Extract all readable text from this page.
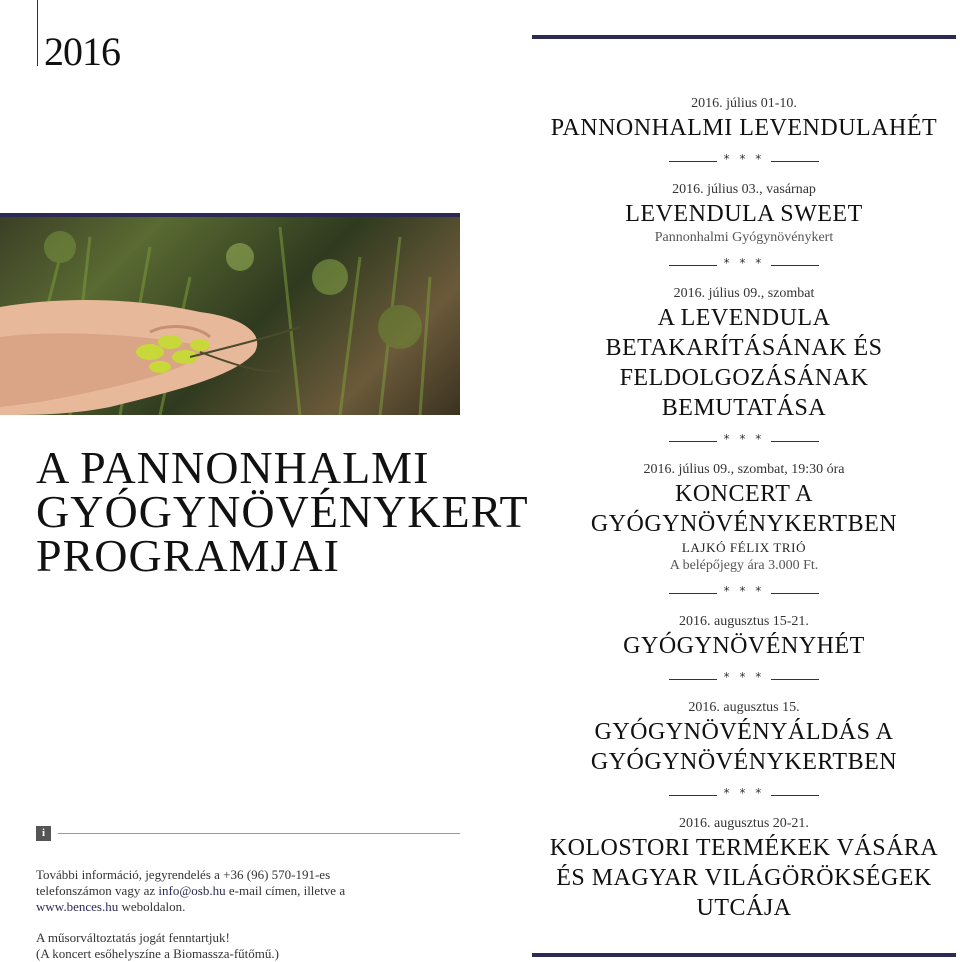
2016
A PANNONHALMI
GYÓGYNÖVÉNYKERT
PROGRAMJAI
i
További információ, jegyrendelés a +36 (96) 570-191-es telefonszámon vagy az info@osb.hu e-mail címen, illetve a www.bences.hu weboldalon.
A műsorváltoztatás jogát fenntartjuk!
(A koncert esőhelyszíne a Biomassza-fűtőmű.)
2016. július 01-10.
PANNONHALMI LEVENDULAHÉT
* * *
2016. július 03., vasárnap
LEVENDULA SWEET
Pannonhalmi Gyógynövénykert
* * *
2016. július 09., szombat
A LEVENDULA BETAKARÍTÁSÁNAK ÉS FELDOLGOZÁSÁNAK BEMUTATÁSA
* * *
2016. július 09., szombat, 19:30 óra
KONCERT A GYÓGYNÖVÉNYKERTBEN
LAJKÓ FÉLIX TRIÓ
A belépőjegy ára 3.000 Ft.
* * *
2016. augusztus 15-21.
GYÓGYNÖVÉNYHÉT
* * *
2016. augusztus 15.
GYÓGYNÖVÉNYÁLDÁS A GYÓGYNÖVÉNYKERTBEN
* * *
2016. augusztus 20-21.
KOLOSTORI TERMÉKEK VÁSÁRA ÉS MAGYAR VILÁGÖRÖKSÉGEK UTCÁJA
